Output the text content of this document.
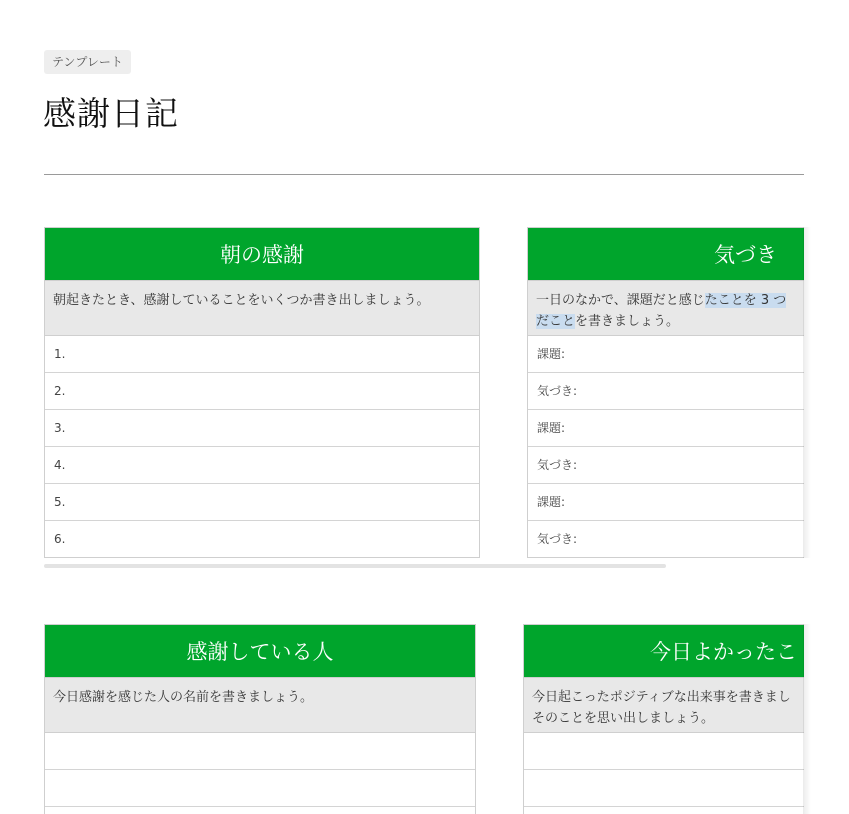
テンプレート
感謝日記
朝の感謝
朝起きたとき、感謝していることをいくつか書き出しましょう。
1.
2.
3.
4.
5.
6.
気づき
一日のなかで、課題だと感じたことを 3 つ
だことを書きましょう。
課題:
気づき:
課題:
気づき:
課題:
気づき:
感謝している人
今日感謝を感じた人の名前を書きましょう。
今日よかったこ
今日起こったポジティブな出来事を書きまし
そのことを思い出しましょう。
